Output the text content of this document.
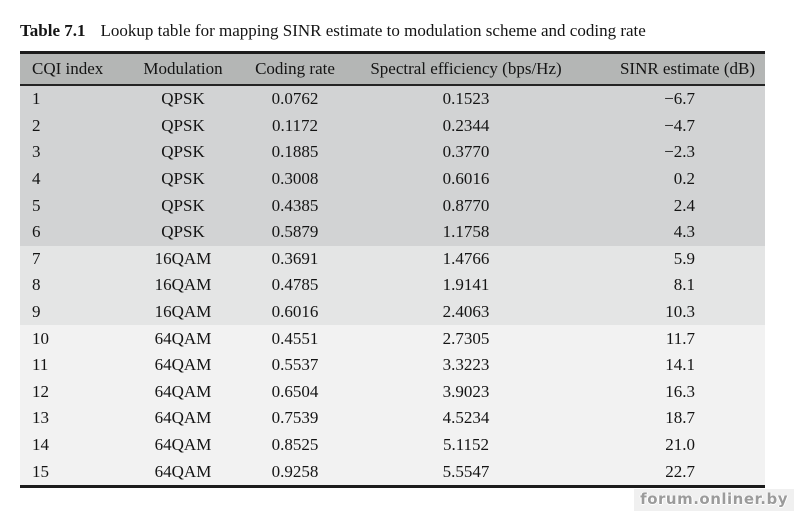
Table 7.1 Lookup table for mapping SINR estimate to modulation scheme and coding rate
CQI index	Modulation	Coding rate	Spectral efficiency (bps/Hz)	SINR estimate (dB)
1	QPSK	0.0762	0.1523	−6.7
2	QPSK	0.1172	0.2344	−4.7
3	QPSK	0.1885	0.3770	−2.3
4	QPSK	0.3008	0.6016	0.2
5	QPSK	0.4385	0.8770	2.4
6	QPSK	0.5879	1.1758	4.3
7	16QAM	0.3691	1.4766	5.9
8	16QAM	0.4785	1.9141	8.1
9	16QAM	0.6016	2.4063	10.3
10	64QAM	0.4551	2.7305	11.7
11	64QAM	0.5537	3.3223	14.1
12	64QAM	0.6504	3.9023	16.3
13	64QAM	0.7539	4.5234	18.7
14	64QAM	0.8525	5.1152	21.0
15	64QAM	0.9258	5.5547	22.7
forum.onliner.by
